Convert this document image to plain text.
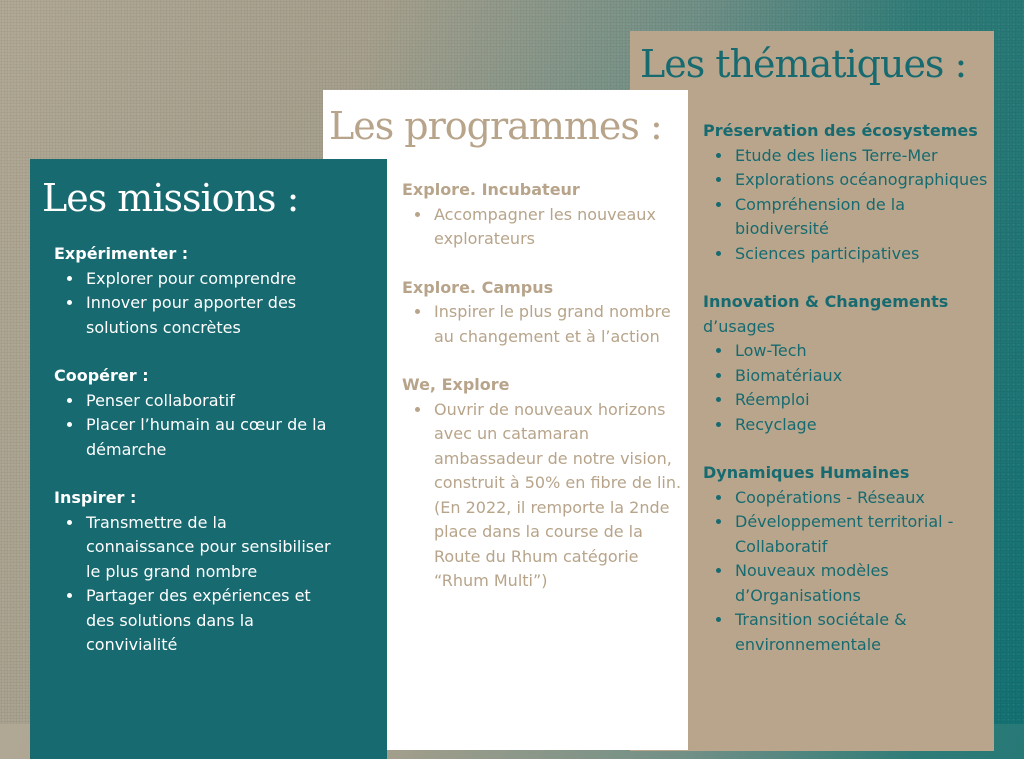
Les thématiques :
Les programmes :
Les missions :
Expérimenter :
• Explorer pour comprendre
• Innover pour apporter des solutions concrètes
Coopérer :
• Penser collaboratif
• Placer l’humain au cœur de la démarche
Inspirer :
• Transmettre de la connaissance pour sensibiliser le plus grand nombre
• Partager des expériences et des solutions dans la convivialité
Explore. Incubateur
• Accompagner les nouveaux explorateurs
Explore. Campus
• Inspirer le plus grand nombre au changement et à l’action
We, Explore
• Ouvrir de nouveaux horizons avec un catamaran ambassadeur de notre vision, construit à 50% en fibre de lin. (En 2022, il remporte la 2nde place dans la course de la Route du Rhum catégorie “Rhum Multi”)
Préservation des écosystemes
• Etude des liens Terre-Mer
• Explorations océanographiques
• Compréhension de la biodiversité
• Sciences participatives
Innovation & Changements
d’usages
• Low-Tech
• Biomatériaux
• Réemploi
• Recyclage
Dynamiques Humaines
• Coopérations - Réseaux
• Développement territorial - Collaboratif
• Nouveaux modèles d’Organisations
• Transition sociétale & environnementale
